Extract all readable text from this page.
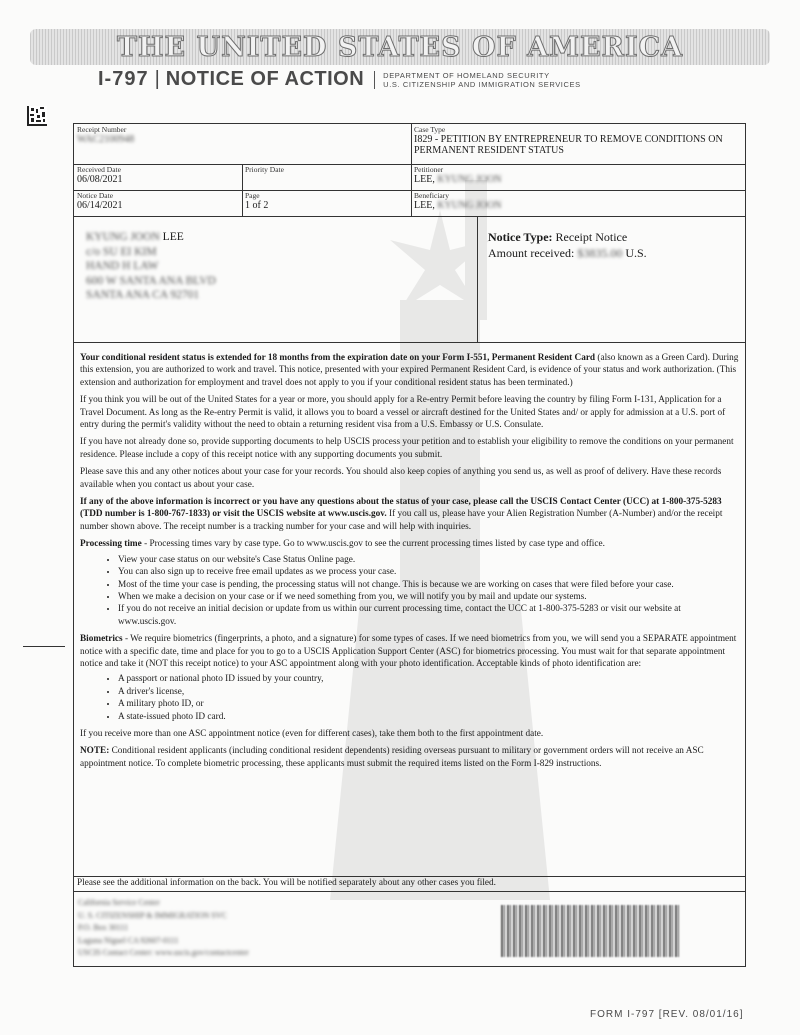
THE UNITED STATES OF AMERICA
I-797 | NOTICE OF ACTION	DEPARTMENT OF HOMELAND SECURITY
U.S. CITIZENSHIP AND IMMIGRATION SERVICES
Receipt Number
WAC2100948
Case Type
I829 - PETITION BY ENTREPRENEUR TO REMOVE CONDITIONS ON PERMANENT RESIDENT STATUS
Received Date
06/08/2021
Priority Date	Petitioner
LEE, KYUNG JOON
Notice Date
06/14/2021
Page
1 of 2
Beneficiary
LEE, KYUNG JOON
KYUNG JOON LEE
c/o SU EI KIM
HAND H LAW
600 W SANTA ANA BLVD
SANTA ANA CA 92701
Notice Type: Receipt Notice
Amount received: $3835.00 U.S.

Your conditional resident status is extended for 18 months from the expiration date on your Form I-551, Permanent Resident Card (also known as a Green Card). During this extension, you are authorized to work and travel. This notice, presented with your expired Permanent Resident Card, is evidence of your status and work authorization. (This extension and authorization for employment and travel does not apply to you if your conditional resident status has been terminated.)

If you think you will be out of the United States for a year or more, you should apply for a Re-entry Permit before leaving the country by filing Form I-131, Application for a Travel Document. As long as the Re-entry Permit is valid, it allows you to board a vessel or aircraft destined for the United States and/ or apply for admission at a U.S. port of entry during the permit's validity without the need to obtain a returning resident visa from a U.S. Embassy or U.S. Consulate.

If you have not already done so, provide supporting documents to help USCIS process your petition and to establish your eligibility to remove the conditions on your permanent residence. Please include a copy of this receipt notice with any supporting documents you submit.

Please save this and any other notices about your case for your records. You should also keep copies of anything you send us, as well as proof of delivery. Have these records available when you contact us about your case.

If any of the above information is incorrect or you have any questions about the status of your case, please call the USCIS Contact Center (UCC) at 1-800-375-5283 (TDD number is 1-800-767-1833) or visit the USCIS website at www.uscis.gov. If you call us, please have your Alien Registration Number (A-Number) and/or the receipt number shown above. The receipt number is a tracking number for your case and will help with inquiries.

Processing time - Processing times vary by case type. Go to www.uscis.gov to see the current processing times listed by case type and office.

• View your case status on our website's Case Status Online page.
• You can also sign up to receive free email updates as we process your case.
• Most of the time your case is pending, the processing status will not change. This is because we are working on cases that were filed before your case.
• When we make a decision on your case or if we need something from you, we will notify you by mail and update our systems.
• If you do not receive an initial decision or update from us within our current processing time, contact the UCC at 1-800-375-5283 or visit our website at www.uscis.gov.

Biometrics - We require biometrics (fingerprints, a photo, and a signature) for some types of cases. If we need biometrics from you, we will send you a SEPARATE appointment notice with a specific date, time and place for you to go to a USCIS Application Support Center (ASC) for biometrics processing. You must wait for that separate appointment notice and take it (NOT this receipt notice) to your ASC appointment along with your photo identification. Acceptable kinds of photo identification are:

• A passport or national photo ID issued by your country,
• A driver's license,
• A military photo ID, or
• A state-issued photo ID card.

If you receive more than one ASC appointment notice (even for different cases), take them both to the first appointment date.

NOTE: Conditional resident applicants (including conditional resident dependents) residing overseas pursuant to military or government orders will not receive an ASC appointment notice. To complete biometric processing, these applicants must submit the required items listed on the Form I-829 instructions.

Please see the additional information on the back. You will be notified separately about any other cases you filed.
California Service Center
U. S. CITIZENSHIP & IMMIGRATION SVC
P.O. Box 30111
Laguna Niguel CA 92607-0111
USCIS Contact Center: www.uscis.gov/contactcenter
FORM I-797 [REV. 08/01/16]
